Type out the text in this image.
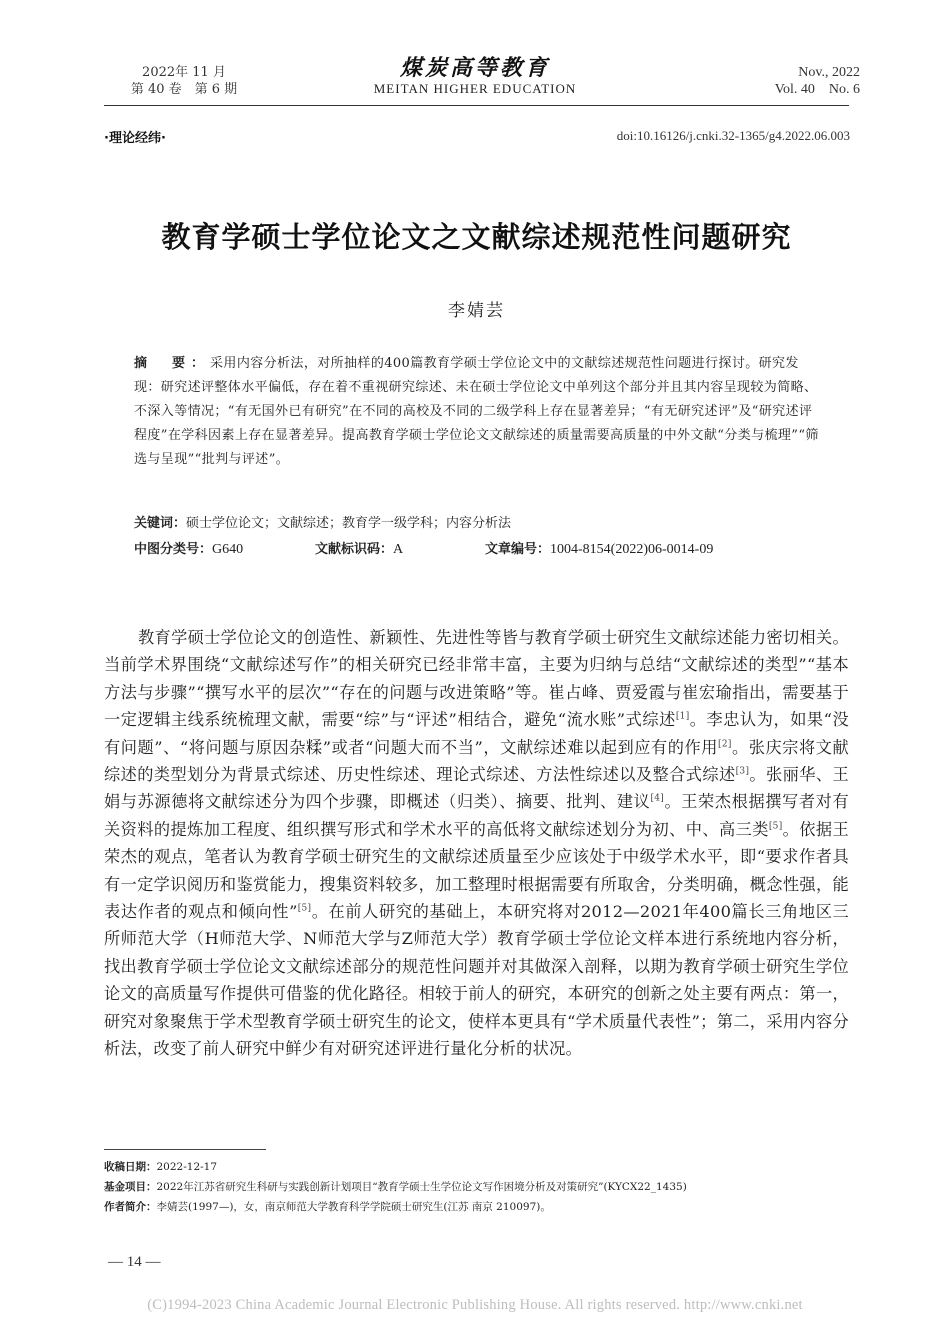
2022年 11 月
第 40 卷　第 6 期
煤炭高等教育
MEITAN HIGHER EDUCATION
Nov., 2022
Vol. 40　No. 6
·理论经纬·	doi:10.16126/j.cnki.32-1365/g4.2022.06.003
教育学硕士学位论文之文献综述规范性问题研究
李婧芸
摘　要：采用内容分析法，对所抽样的400篇教育学硕士学位论文中的文献综述规范性问题进行探讨。研究发现：研究述评整体水平偏低，存在着不重视研究综述、未在硕士学位论文中单列这个部分并且其内容呈现较为简略、不深入等情况；“有无国外已有研究”在不同的高校及不同的二级学科上存在显著差异；“有无研究述评”及“研究述评程度”在学科因素上存在显著差异。提高教育学硕士学位论文文献综述的质量需要高质量的中外文献“分类与梳理”“筛选与呈现”“批判与评述”。
关键词：硕士学位论文；文献综述；教育学一级学科；内容分析法
中图分类号：G640	文献标识码：A	文章编号：1004-8154(2022)06-0014-09
教育学硕士学位论文的创造性、新颖性、先进性等皆与教育学硕士研究生文献综述能力密切相关。当前学术界围绕“文献综述写作”的相关研究已经非常丰富，主要为归纳与总结“文献综述的类型”“基本方法与步骤”“撰写水平的层次”“存在的问题与改进策略”等。崔占峰、贾爱霞与崔宏瑜指出，需要基于一定逻辑主线系统梳理文献，需要“综”与“评述”相结合，避免“流水账”式综述[1]。李忠认为，如果“没有问题”、“将问题与原因杂糅”或者“问题大而不当”，文献综述难以起到应有的作用[2]。张庆宗将文献综述的类型划分为背景式综述、历史性综述、理论式综述、方法性综述以及整合式综述[3]。张丽华、王娟与苏源德将文献综述分为四个步骤，即概述（归类）、摘要、批判、建议[4]。王荣杰根据撰写者对有关资料的提炼加工程度、组织撰写形式和学术水平的高低将文献综述划分为初、中、高三类[5]。依据王荣杰的观点，笔者认为教育学硕士研究生的文献综述质量至少应该处于中级学术水平，即“要求作者具有一定学识阅历和鉴赏能力，搜集资料较多，加工整理时根据需要有所取舍，分类明确，概念性强，能表达作者的观点和倾向性”[5]。在前人研究的基础上，本研究将对2012—2021年400篇长三角地区三所师范大学（H师范大学、N师范大学与Z师范大学）教育学硕士学位论文样本进行系统地内容分析，找出教育学硕士学位论文文献综述部分的规范性问题并对其做深入剖释，以期为教育学硕士研究生学位论文的高质量写作提供可借鉴的优化路径。相较于前人的研究，本研究的创新之处主要有两点：第一，研究对象聚焦于学术型教育学硕士研究生的论文，使样本更具有“学术质量代表性”；第二，采用内容分析法，改变了前人研究中鲜少有对研究述评进行量化分析的状况。
收稿日期：2022-12-17
基金项目：2022年江苏省研究生科研与实践创新计划项目“教育学硕士生学位论文写作困境分析及对策研究”(KYCX22_1435)
作者简介：李婧芸(1997—)，女，南京师范大学教育科学学院硕士研究生(江苏 南京 210097)。
— 14 —
(C)1994-2023 China Academic Journal Electronic Publishing House. All rights reserved. http://www.cnki.net
